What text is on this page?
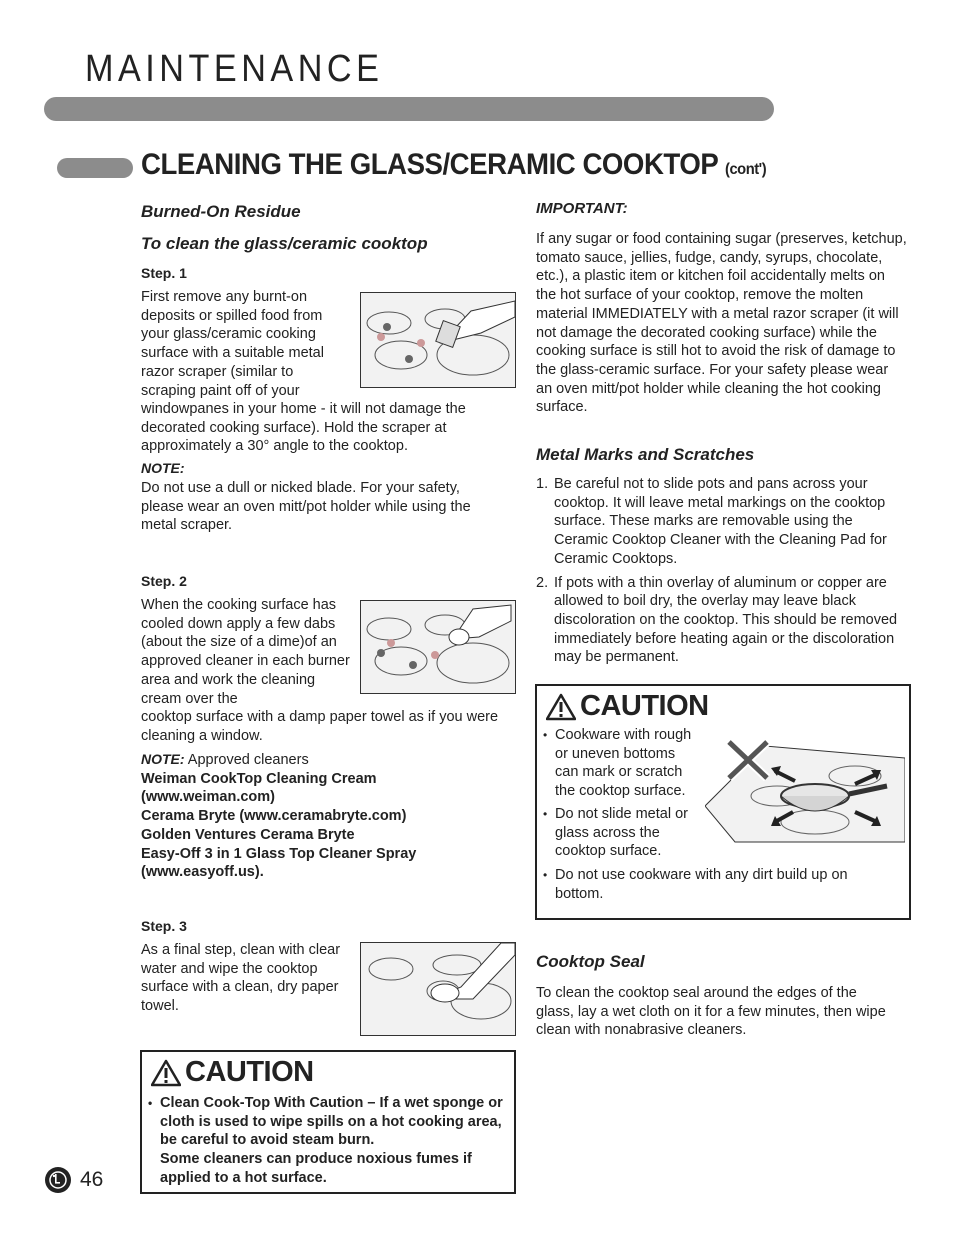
MAINTENANCE
CLEANING THE GLASS/CERAMIC COOKTOP (cont')
Burned-On Residue
To clean the glass/ceramic cooktop
Step. 1
First remove any burnt-on deposits or spilled food from your glass/ceramic cooking surface with a suitable metal razor scraper (similar to scraping paint off of your
windowpanes in your home - it will not damage the decorated cooking surface). Hold the scraper at approximately a 30° angle to the cooktop.
NOTE:
Do not use a dull or nicked blade. For your safety, please wear an oven mitt/pot holder while using the metal scraper.
Step. 2
When the cooking surface has cooled down apply a few dabs (about the size of a dime)of an approved cleaner in each burner area and work the cleaning cream over the
cooktop surface with a damp paper towel as if you were cleaning a window.
NOTE: Approved cleaners
Weiman CookTop Cleaning Cream (www.weiman.com)
Cerama Bryte (www.ceramabryte.com)
Golden Ventures Cerama Bryte
Easy-Off 3 in 1 Glass Top Cleaner Spray (www.easyoff.us).
Step. 3
As a final step, clean with clear water and wipe the cooktop surface with a clean, dry paper towel.
CAUTION
• Clean Cook-Top With Caution – If a wet sponge or cloth is used to wipe spills on a hot cooking area, be careful to avoid steam burn.
Some cleaners can produce noxious fumes if applied to a hot surface.
IMPORTANT:
If any sugar or food containing sugar (preserves, ketchup, tomato sauce, jellies, fudge, candy, syrups, chocolate, etc.), a plastic item or kitchen foil accidentally melts on the hot surface of your cooktop, remove the molten material IMMEDIATELY with a metal razor scraper (it will not damage the decorated cooking surface) while the cooking surface is still hot to avoid the risk of damage to the glass-ceramic surface. For your safety please wear an oven mitt/pot holder while cleaning the hot cooking surface.
Metal Marks and Scratches
1. Be careful not to slide pots and pans across your cooktop. It will leave metal markings on the cooktop surface. These marks are removable using the Ceramic Cooktop Cleaner with the Cleaning Pad for Ceramic Cooktops.
2. If pots with a thin overlay of aluminum or copper are allowed to boil dry, the overlay may leave black discoloration on the cooktop. This should be removed immediately before heating again or the discoloration may be permanent.
CAUTION
• Cookware with rough or uneven bottoms can mark or scratch the cooktop surface.
• Do not slide metal or glass across the cooktop surface.
• Do not use cookware with any dirt build up on bottom.
Cooktop Seal
To clean the cooktop seal around the edges of the glass, lay a wet cloth on it for a few minutes, then wipe clean with nonabrasive cleaners.
46
